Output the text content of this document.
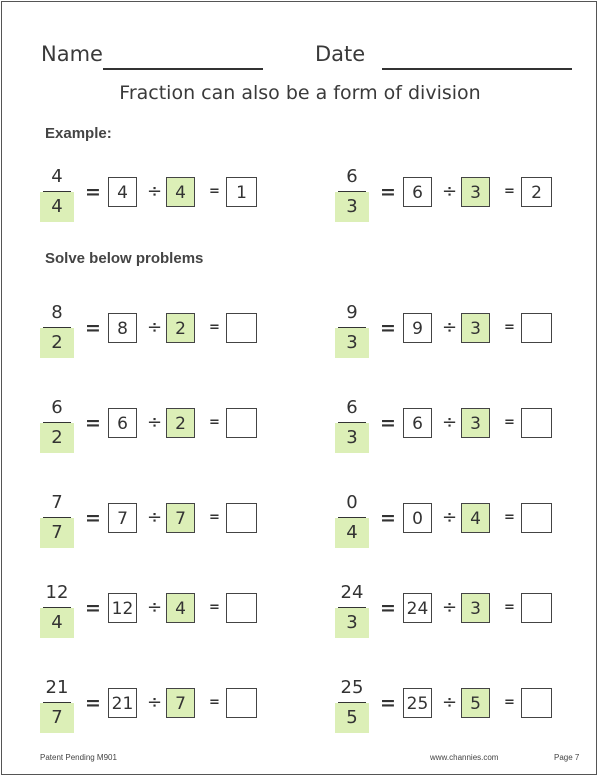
Name	Date
Fraction can also be a form of division
Example:
Solve below problems
4
4
= 4	÷ 4	= 1
6
3
= 6	÷ 3	= 2
8
2
= 8	÷ 2	=
9
3
= 9	÷ 3	=
6
2
= 6	÷ 2	=
6
3
= 6	÷ 3	=
7
7
= 7	÷ 7	=
0
4
= 0	÷ 4	=
12
4
= 12 ÷ 4	=
24
3
= 24 ÷ 3	=
21
7
= 21 ÷ 7	=
25
5
= 25 ÷ 5	=
Patent Pending M901	www.channies.com	Page 7
